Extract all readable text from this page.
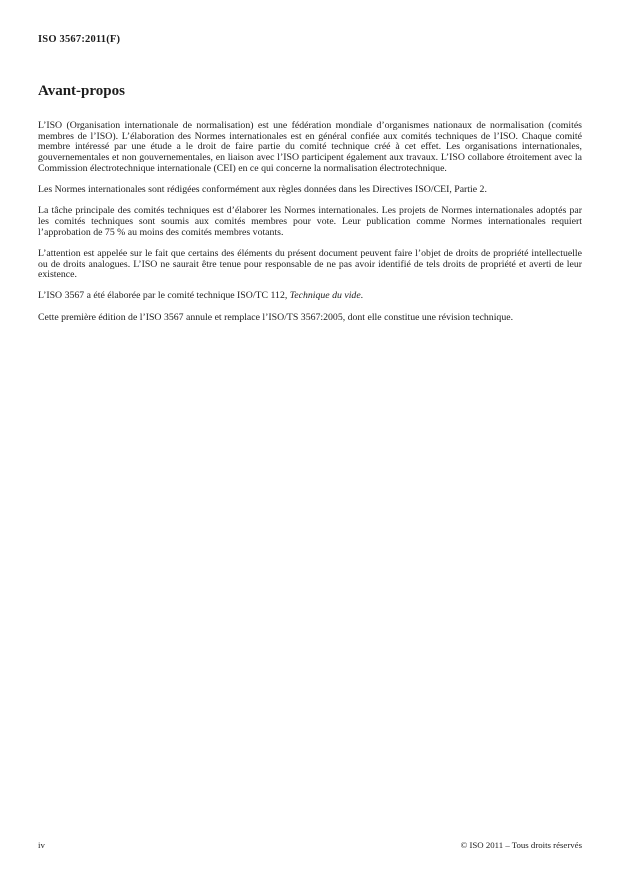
ISO 3567:2011(F)
Avant-propos

L’ISO (Organisation internationale de normalisation) est une fédération mondiale d’organismes nationaux de normalisation (comités membres de l’ISO). L’élaboration des Normes internationales est en général confiée aux comités techniques de l’ISO. Chaque comité membre intéressé par une étude a le droit de faire partie du comité technique créé à cet effet. Les organisations internationales, gouvernementales et non gouvernementales, en liaison avec l’ISO participent également aux travaux. L’ISO collabore étroitement avec la Commission électrotechnique internationale (CEI) en ce qui concerne la normalisation électrotechnique.

Les Normes internationales sont rédigées conformément aux règles données dans les Directives ISO/CEI, Partie 2.

La tâche principale des comités techniques est d’élaborer les Normes internationales. Les projets de Normes internationales adoptés par les comités techniques sont soumis aux comités membres pour vote. Leur publication comme Normes internationales requiert l’approbation de 75 % au moins des comités membres votants.

L’attention est appelée sur le fait que certains des éléments du présent document peuvent faire l’objet de droits de propriété intellectuelle ou de droits analogues. L’ISO ne saurait être tenue pour responsable de ne pas avoir identifié de tels droits de propriété et averti de leur existence.

L’ISO 3567 a été élaborée par le comité technique ISO/TC 112, Technique du vide.

Cette première édition de l’ISO 3567 annule et remplace l’ISO/TS 3567:2005, dont elle constitue une révision technique.

iv	© ISO 2011 – Tous droits réservés
